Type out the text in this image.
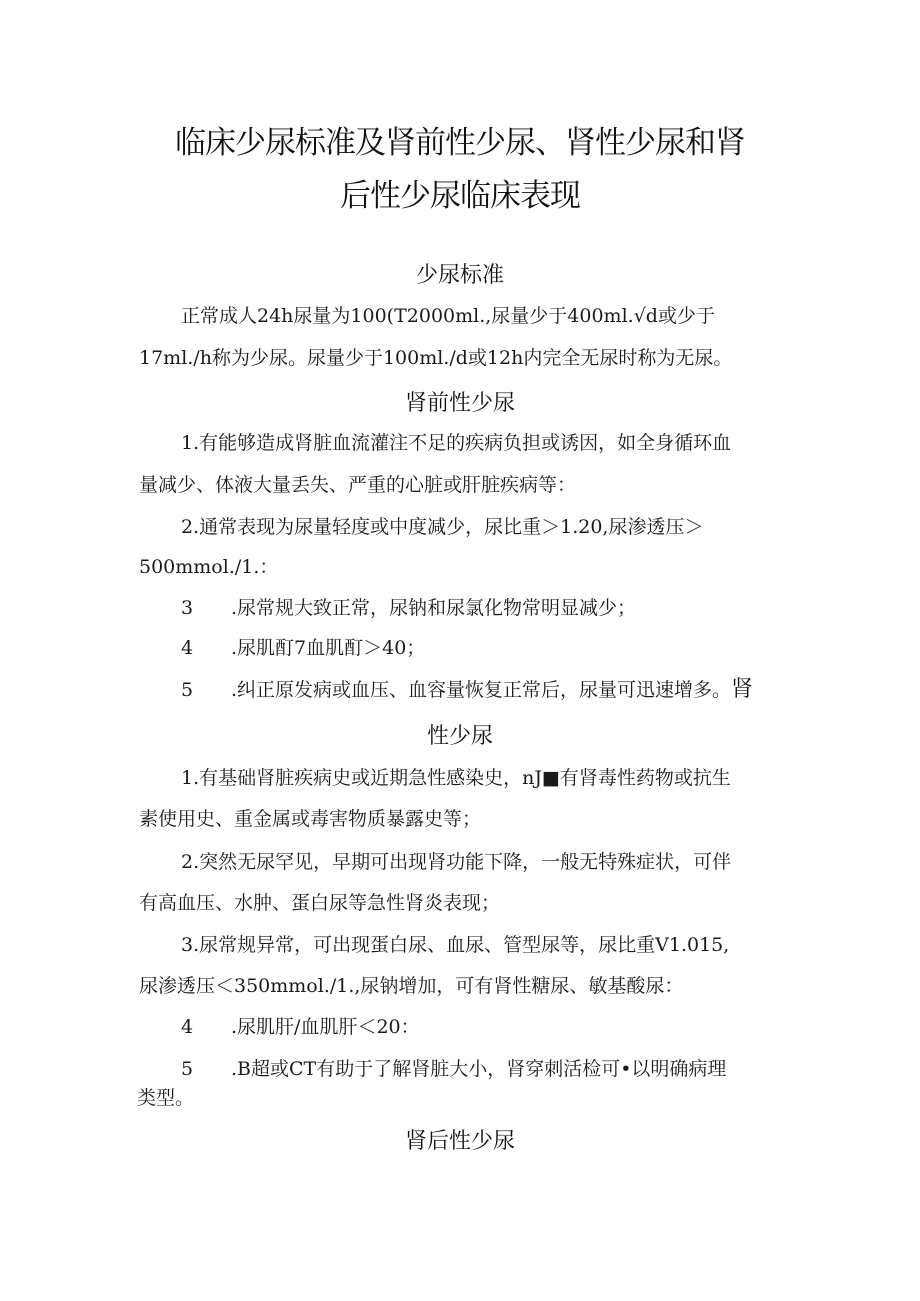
临床少尿标准及肾前性少尿、肾性少尿和肾
后性少尿临床表现
少尿标准

正常成人24h尿量为100(T2000ml.,尿量少于400ml.√d或少于

17ml./h称为少尿。尿量少于100ml./d或12h内完全无尿时称为无尿。

肾前性少尿

1.有能够造成肾脏血流灌注不足的疾病负担或诱因，如全身循环血

量减少、体液大量丢失、严重的心脏或肝脏疾病等：

2.通常表现为尿量轻度或中度减少，尿比重＞1.20,尿渗透压＞

500mmol./1.：

3 .尿常规大致正常，尿钠和尿氯化物常明显减少；

4 .尿肌酊7血肌酊＞40；

5 .纠正原发病或血压、血容量恢复正常后，尿量可迅速增多。肾

性少尿

1.有基础肾脏疾病史或近期急性感染史，nJ■有肾毒性药物或抗生

素使用史、重金属或毒害物质暴露史等；

2.突然无尿罕见，早期可出现肾功能下降，一般无特殊症状，可伴

有高血压、水肿、蛋白尿等急性肾炎表现；

3.尿常规异常，可出现蛋白尿、血尿、管型尿等，尿比重V1.015,

尿渗透压＜350mmol./1.,尿钠增加，可有肾性糖尿、敏基酸尿：

4 .尿肌肝/血肌肝＜20：

5 .B超或CT有助于了解肾脏大小，肾穿刺活检可•以明确病理

类型。

肾后性少尿
